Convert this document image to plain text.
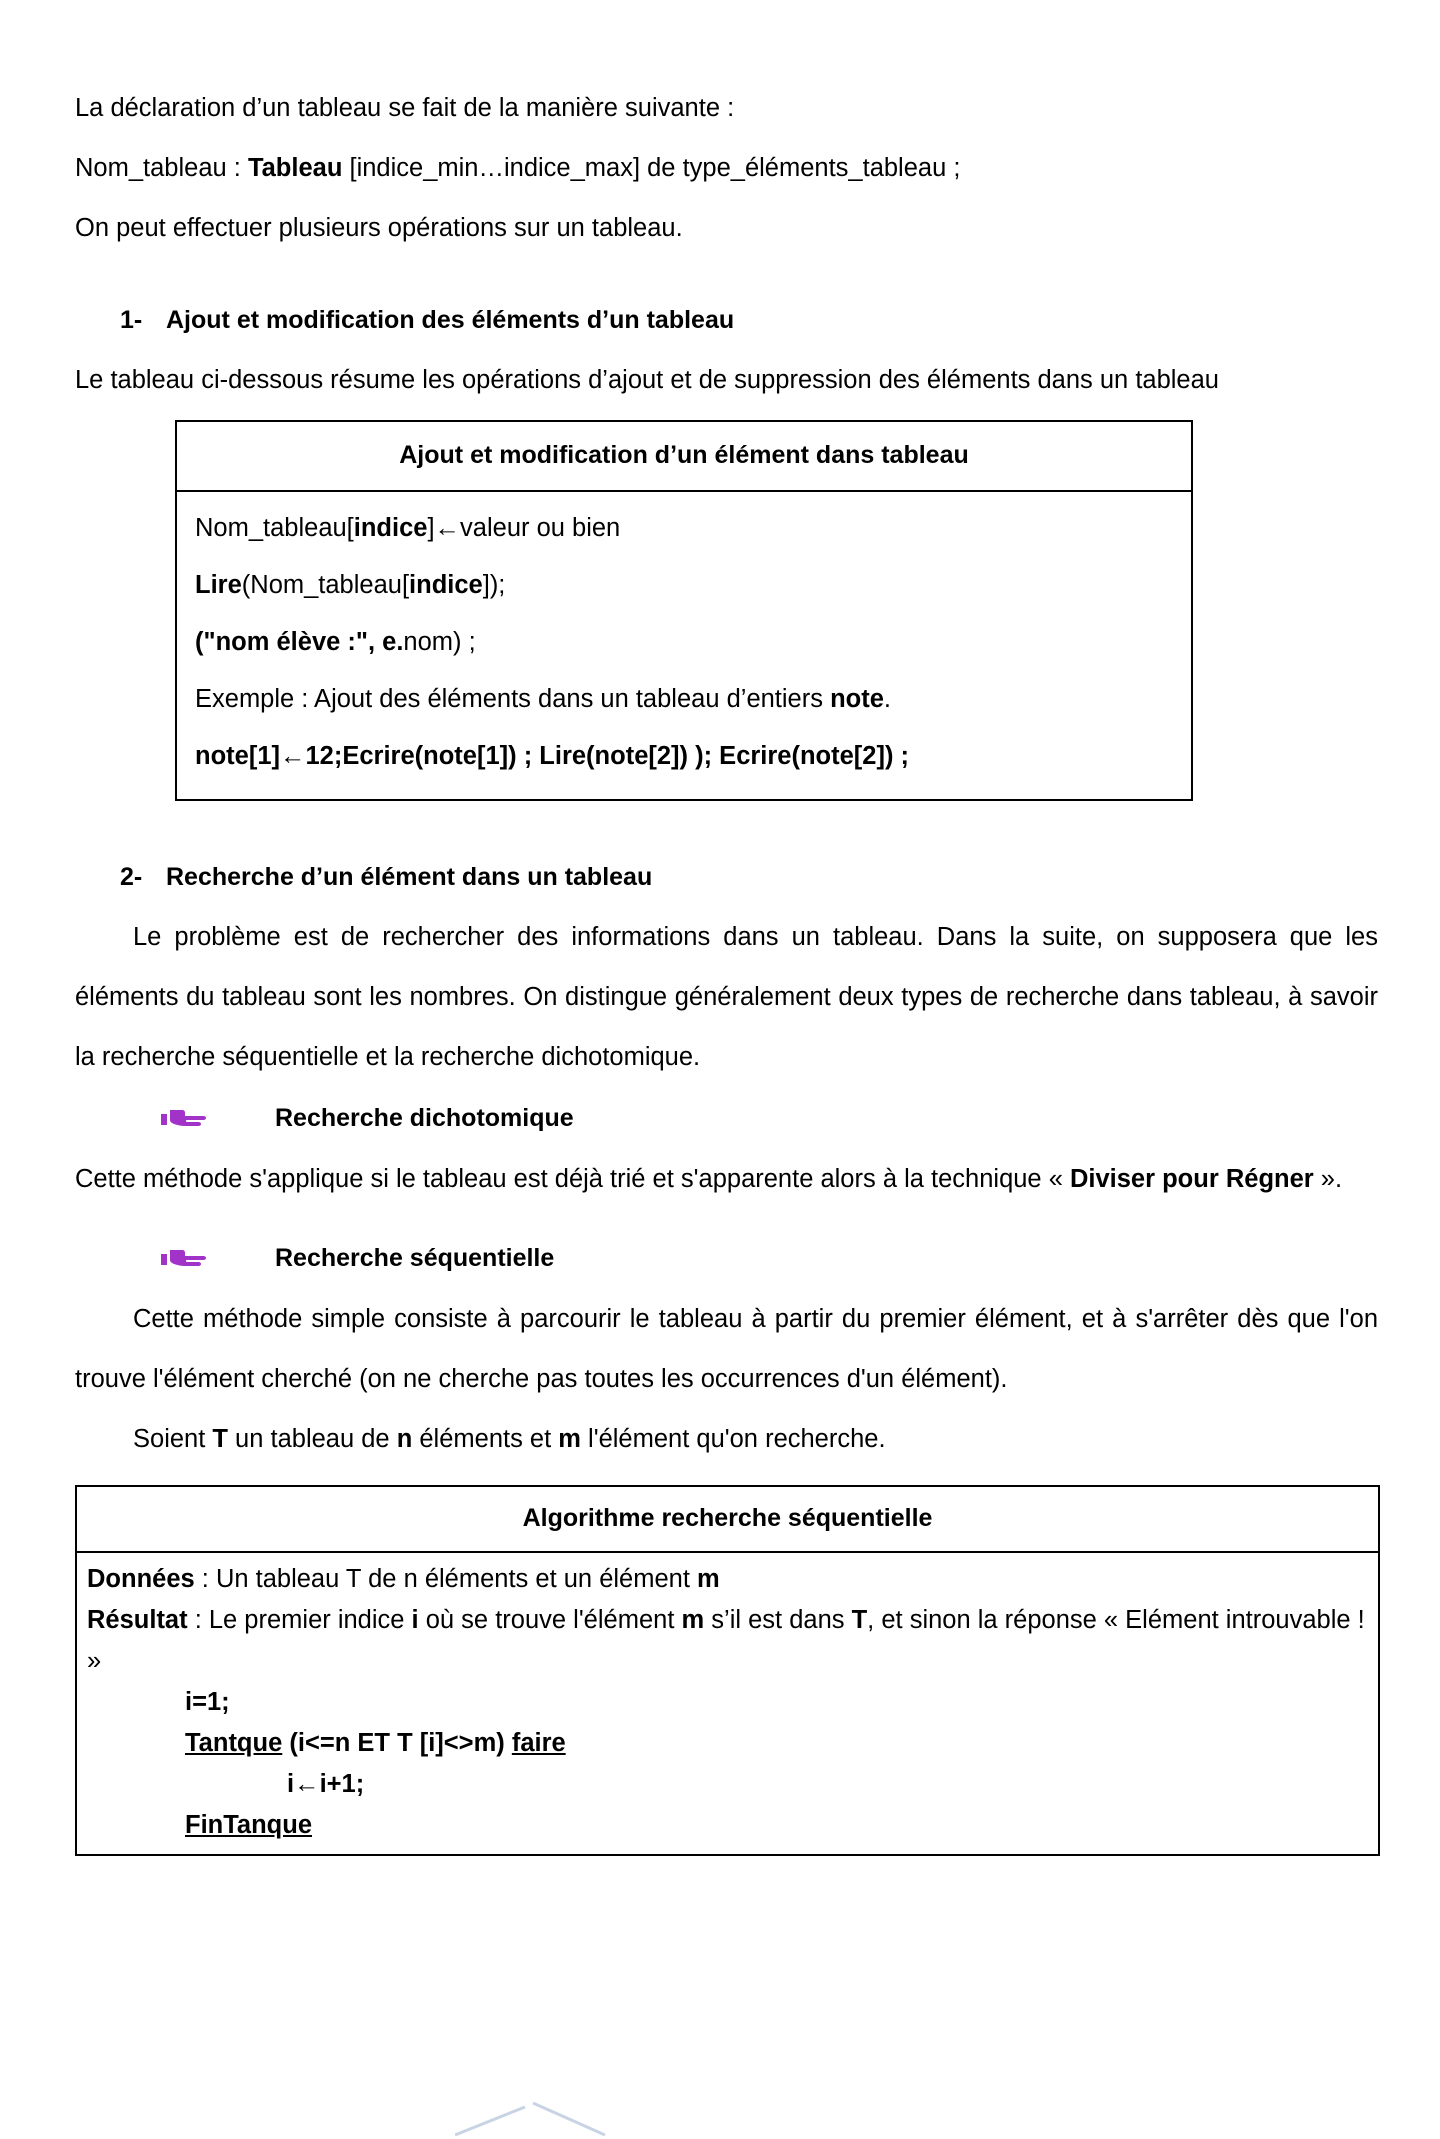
La déclaration d’un tableau se fait de la manière suivante :

Nom_tableau : Tableau [indice_min…indice_max] de type_éléments_tableau ;

On peut effectuer plusieurs opérations sur un tableau.

1- Ajout et modification des éléments d’un tableau

Le tableau ci-dessous résume les opérations d’ajout et de suppression des éléments dans un tableau

Ajout et modification d’un élément dans tableau
Nom_tableau[indice]←valeur ou bien
Lire(Nom_tableau[indice]);
("nom élève :", e.nom) ;
Exemple : Ajout des éléments dans un tableau d’entiers note.
note[1]←12;Ecrire(note[1]) ; Lire(note[2]) ); Ecrire(note[2]) ;
2- Recherche d’un élément dans un tableau

Le problème est de rechercher des informations dans un tableau. Dans la suite, on supposera que les éléments du tableau sont les nombres. On distingue généralement deux types de recherche dans tableau, à savoir la recherche séquentielle et la recherche dichotomique.

Recherche dichotomique

Cette méthode s'applique si le tableau est déjà trié et s'apparente alors à la technique « Diviser pour Régner ».

Recherche séquentielle

Cette méthode simple consiste à parcourir le tableau à partir du premier élément, et à s'arrêter dès que l'on trouve l'élément cherché (on ne cherche pas toutes les occurrences d'un élément).

Soient T un tableau de n éléments et m l'élément qu'on recherche.

Algorithme recherche séquentielle
Données : Un tableau T de n éléments et un élément m
Résultat : Le premier indice i où se trouve l'élément m s’il est dans T, et sinon la réponse « Elément introuvable ! »
i=1;
Tantque (i<=n ET T [i]<>m) faire
i←i+1;
FinTanque
